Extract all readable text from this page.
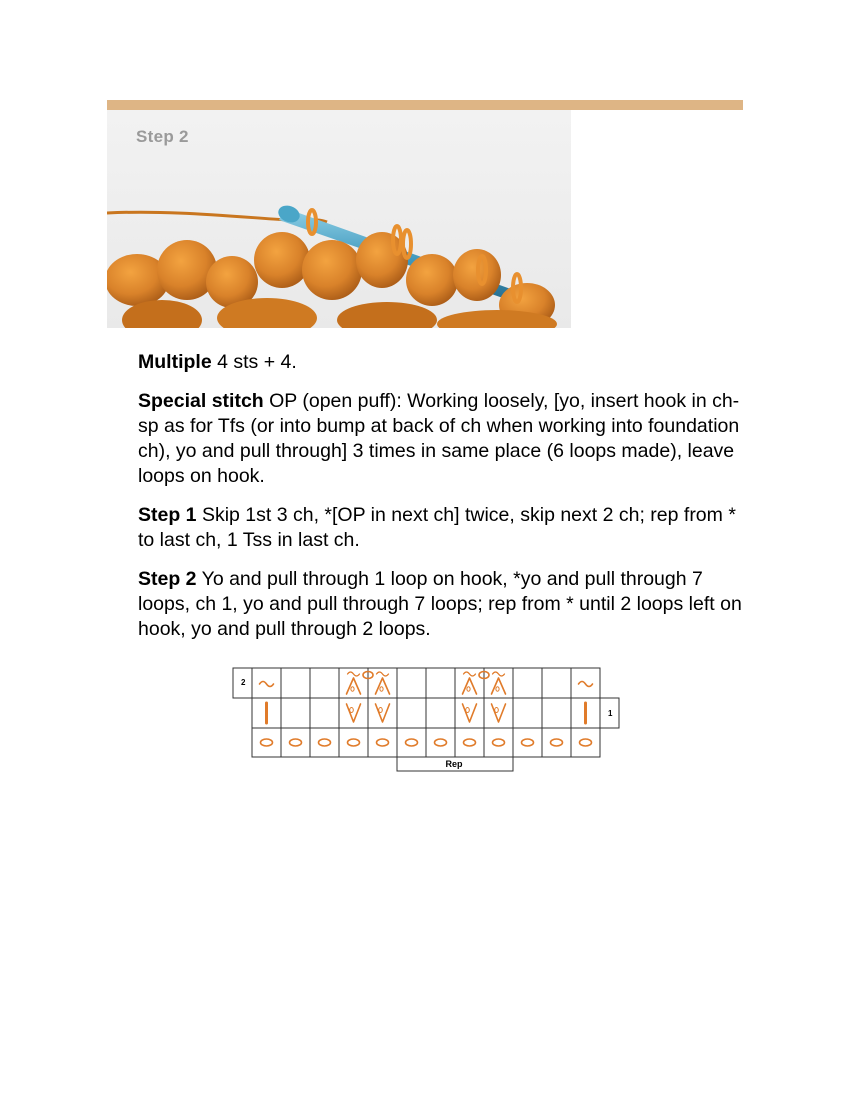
Step 2

Multiple 4 sts + 4.

Special stitch OP (open puff): Working loosely, [yo, insert hook in ch-sp as for Tfs (or into bump at back of ch when working into foundation ch), yo and pull through] 3 times in same place (6 loops made), leave loops on hook.

Step 1 Skip 1st 3 ch, *[OP in next ch] twice, skip next 2 ch; rep from * to last ch, 1 Tss in last ch.

Step 2 Yo and pull through 1 loop on hook, *yo and pull through 7 loops, ch 1, yo and pull through 7 loops; rep from * until 2 loops left on hook, yo and pull through 2 loops.

2
1
Rep
